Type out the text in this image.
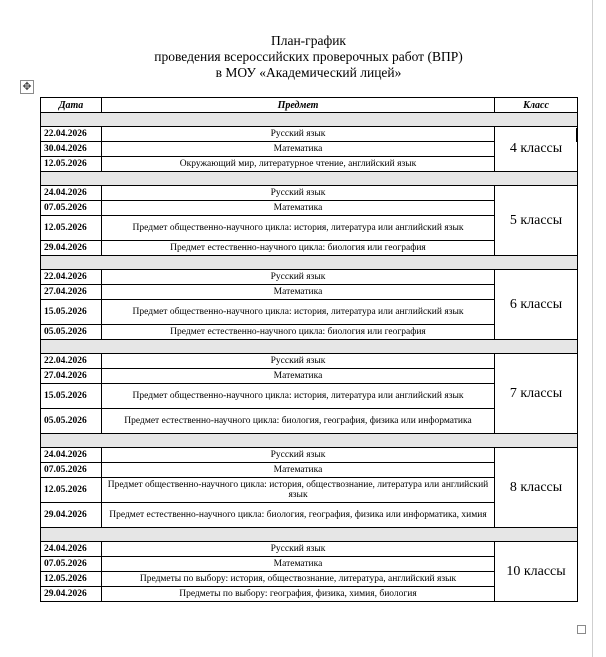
План-график
проведения всероссийских проверочных работ (ВПР)
в МОУ «Академический лицей»
✥
Дата	Предмет	Класс

22.04.2026	Русский язык	4 классы
30.04.2026	Математика	
12.05.2026	Окружающий мир, литературное чтение, английский язык	

24.04.2026	Русский язык	5 классы
07.05.2026	Математика	
12.05.2026	Предмет общественно-научного цикла: история, литература или английский язык	
29.04.2026	Предмет естественно-научного цикла: биология или география	

22.04.2026	Русский язык	6 классы
27.04.2026	Математика	
15.05.2026	Предмет общественно-научного цикла: история, литература или английский язык	
05.05.2026	Предмет естественно-научного цикла: биология или география	

22.04.2026	Русский язык	7 классы
27.04.2026	Математика	
15.05.2026	Предмет общественно-научного цикла: история, литература или английский язык	
05.05.2026	Предмет естественно-научного цикла: биология, география, физика или информатика	

24.04.2026	Русский язык	8 классы
07.05.2026	Математика	
12.05.2026	Предмет общественно-научного цикла: история, обществознание, литература или английский язык	
29.04.2026	Предмет естественно-научного цикла: биология, география, физика или информатика, химия	

24.04.2026	Русский язык	10 классы
07.05.2026	Математика	
12.05.2026	Предметы по выбору: история, обществознание, литература, английский язык	
29.04.2026	Предметы по выбору: география, физика, химия, биология	
